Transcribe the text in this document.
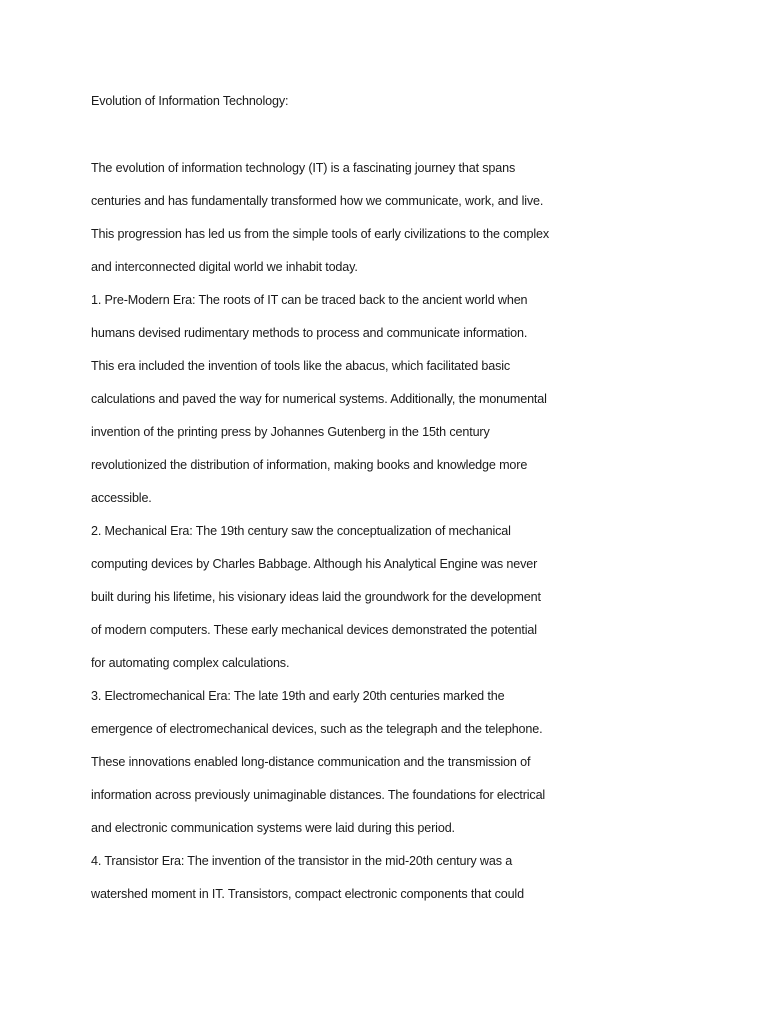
Evolution of Information Technology:
The evolution of information technology (IT) is a fascinating journey that spans
centuries and has fundamentally transformed how we communicate, work, and live.
This progression has led us from the simple tools of early civilizations to the complex
and interconnected digital world we inhabit today.
1. Pre-Modern Era: The roots of IT can be traced back to the ancient world when
humans devised rudimentary methods to process and communicate information.
This era included the invention of tools like the abacus, which facilitated basic
calculations and paved the way for numerical systems. Additionally, the monumental
invention of the printing press by Johannes Gutenberg in the 15th century
revolutionized the distribution of information, making books and knowledge more
accessible.
2. Mechanical Era: The 19th century saw the conceptualization of mechanical
computing devices by Charles Babbage. Although his Analytical Engine was never
built during his lifetime, his visionary ideas laid the groundwork for the development
of modern computers. These early mechanical devices demonstrated the potential
for automating complex calculations.
3. Electromechanical Era: The late 19th and early 20th centuries marked the
emergence of electromechanical devices, such as the telegraph and the telephone.
These innovations enabled long-distance communication and the transmission of
information across previously unimaginable distances. The foundations for electrical
and electronic communication systems were laid during this period.
4. Transistor Era: The invention of the transistor in the mid-20th century was a
watershed moment in IT. Transistors, compact electronic components that could
